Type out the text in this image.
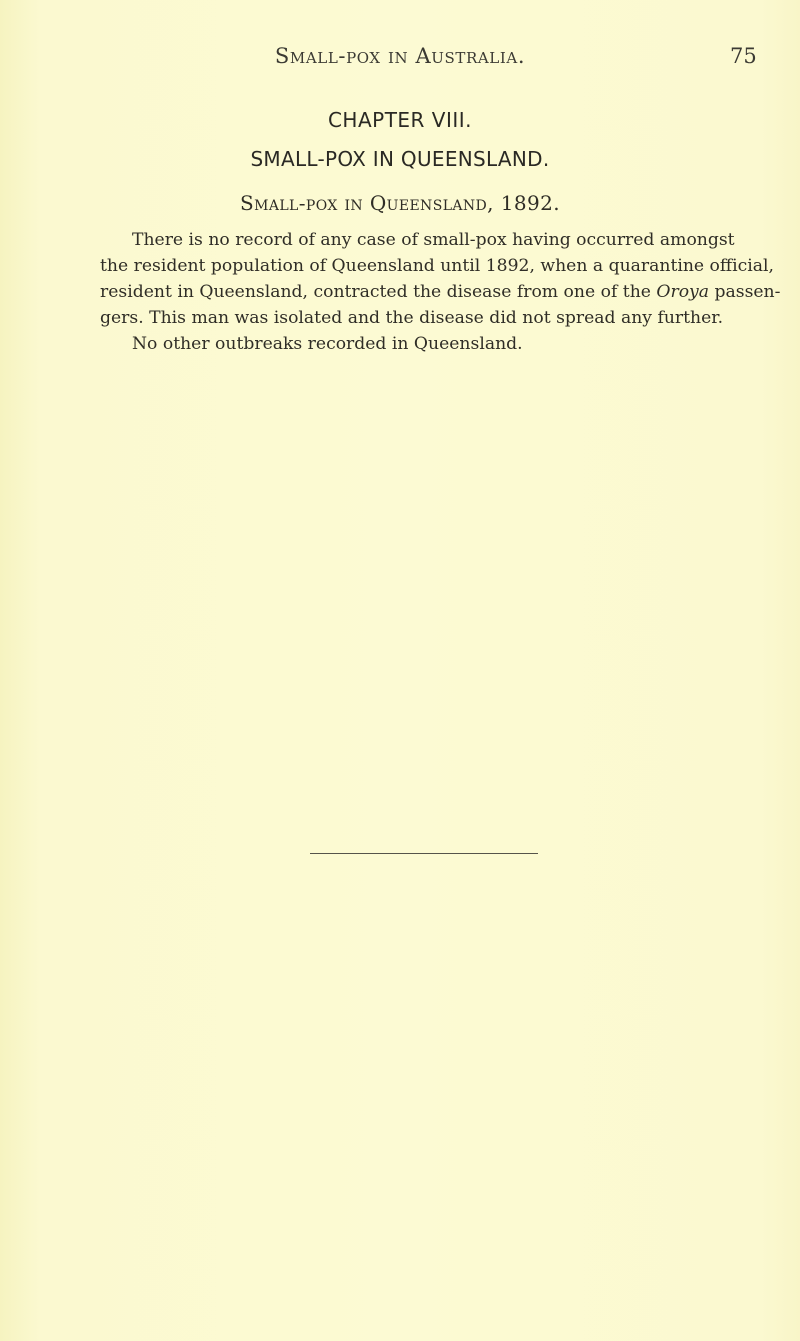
Small-pox in Australia.	75
CHAPTER VIII.
SMALL-POX IN QUEENSLAND.
Small-pox in Queensland, 1892.
There is no record of any case of small-pox having occurred amongst
the resident population of Queensland until 1892, when a quarantine official,
resident in Queensland, contracted the disease from one of the Oroya passen-
gers. This man was isolated and the disease did not spread any further.
No other outbreaks recorded in Queensland.
